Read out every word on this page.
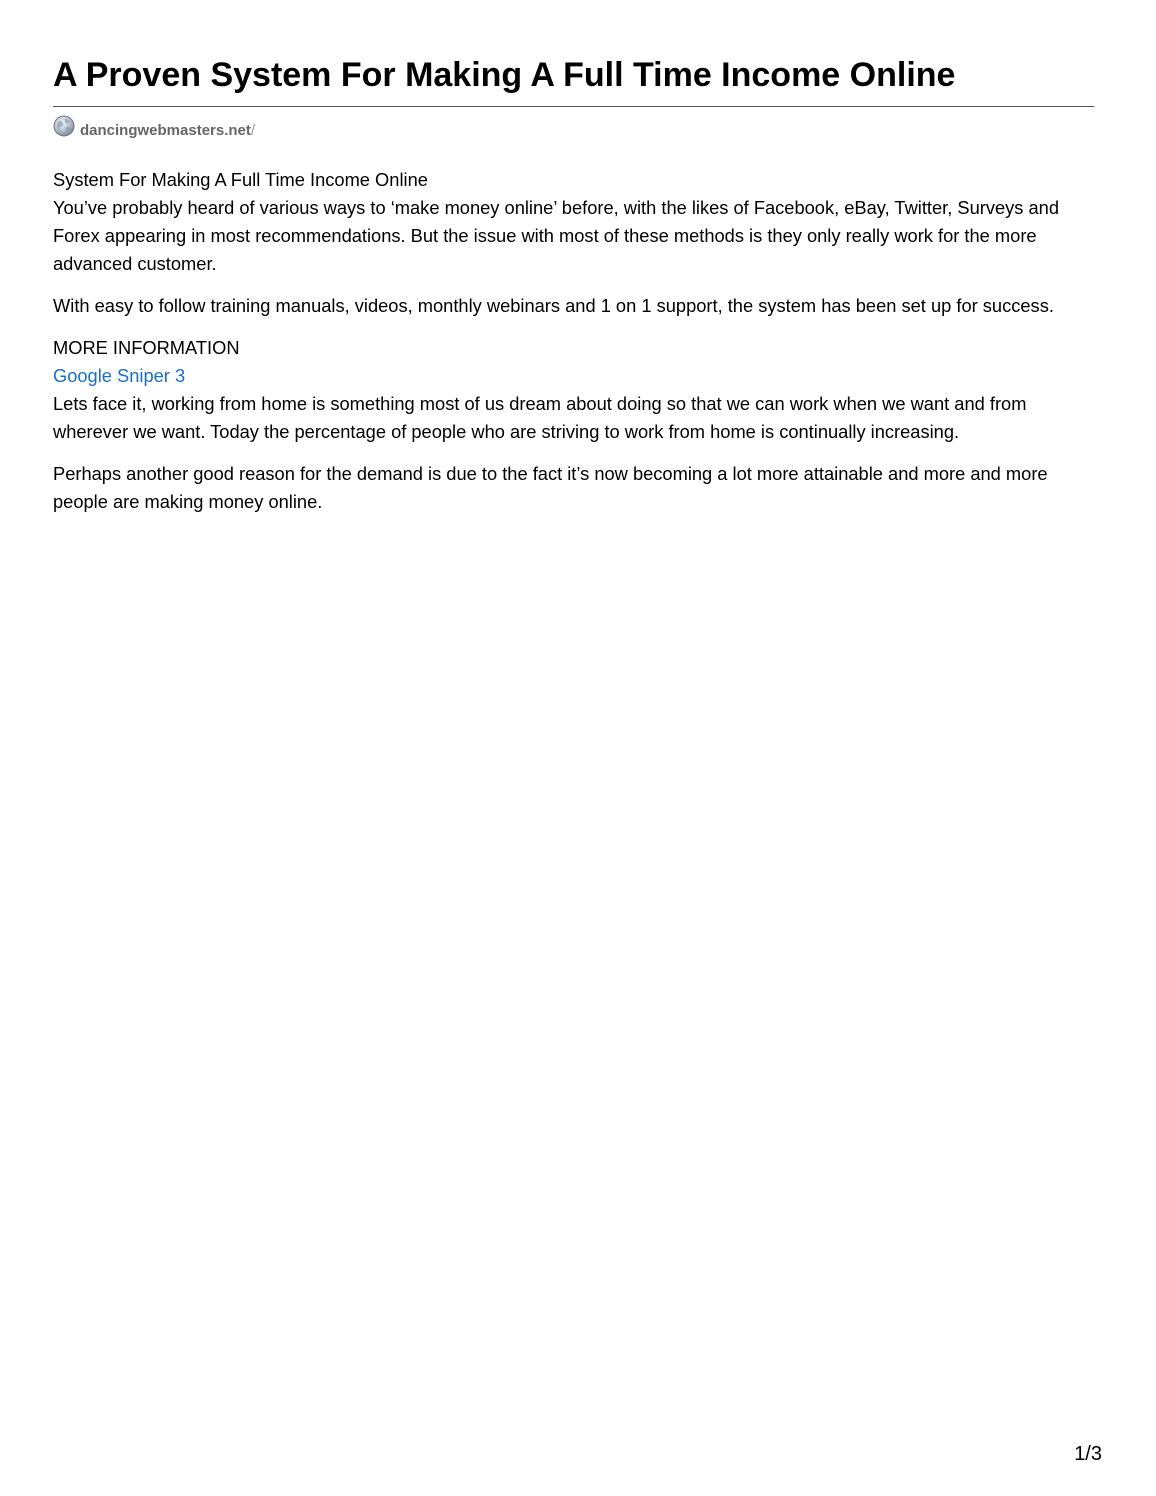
A Proven System For Making A Full Time Income Online
dancingwebmasters.net /

System For Making A Full Time Income Online
You’ve probably heard of various ways to ‘make money online’ before, with the likes of Facebook, eBay, Twitter, Surveys and Forex appearing in most recommendations. But the issue with most of these methods is they only really work for the more advanced customer.

With easy to follow training manuals, videos, monthly webinars and 1 on 1 support, the system has been set up for success.

MORE INFORMATION
Google Sniper 3
Lets face it, working from home is something most of us dream about doing so that we can work when we want and from wherever we want. Today the percentage of people who are striving to work from home is continually increasing.

Perhaps another good reason for the demand is due to the fact it’s now becoming a lot more attainable and more and more people are making money online.

1/3
